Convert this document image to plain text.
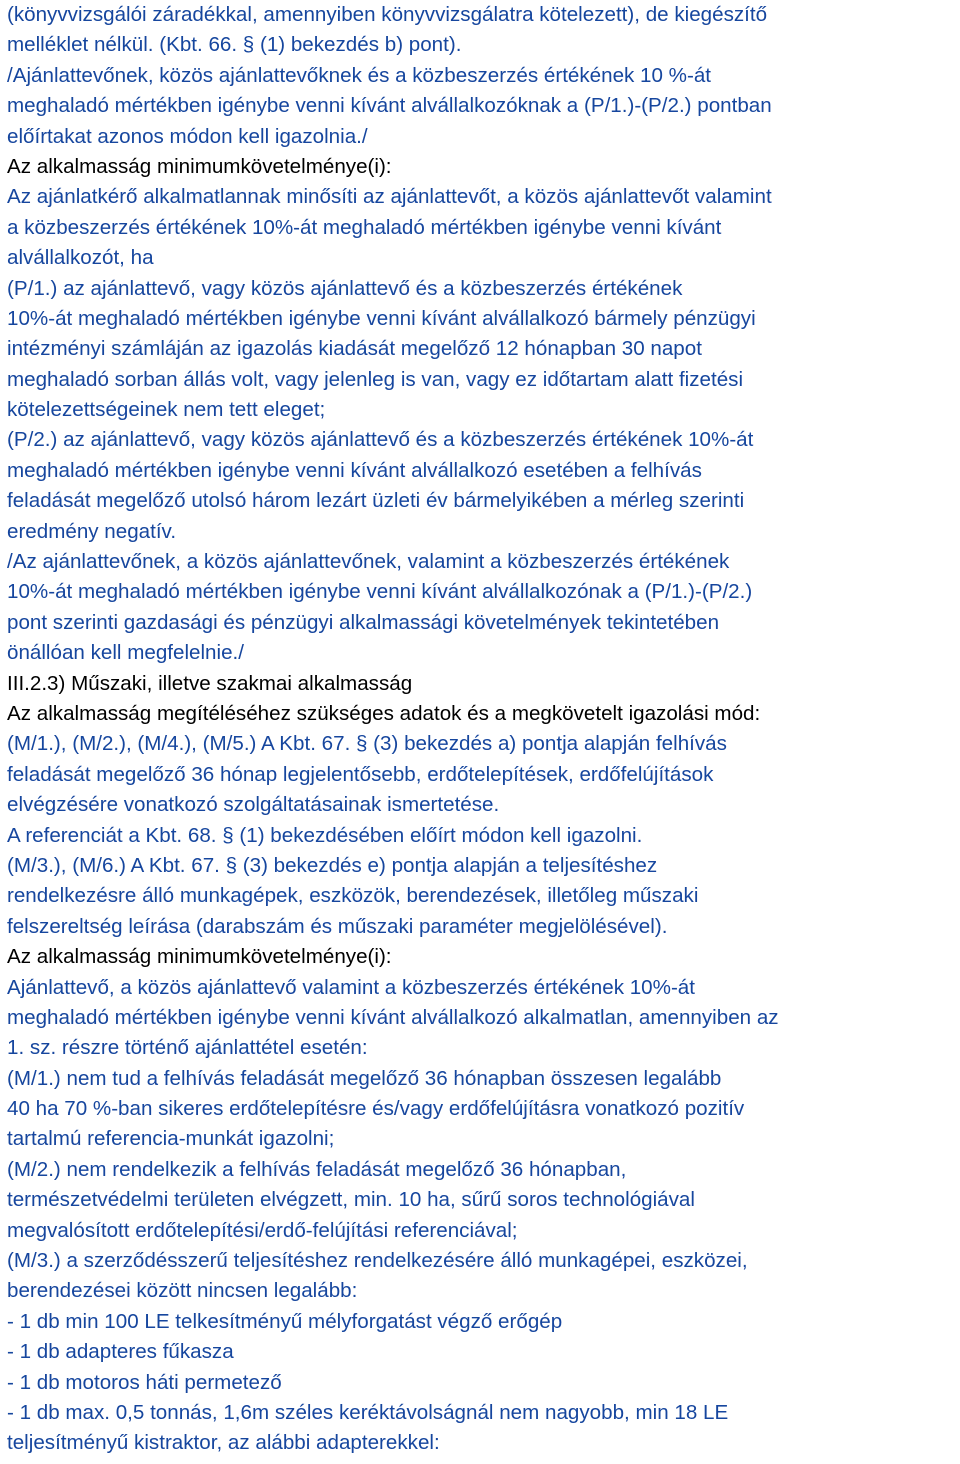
(könyvvizsgálói záradékkal, amennyiben könyvvizsgálatra kötelezett), de kiegészítő
melléklet nélkül. (Kbt. 66. § (1) bekezdés b) pont).
/Ajánlattevőnek, közös ajánlattevőknek és a közbeszerzés értékének 10 %-át
meghaladó mértékben igénybe venni kívánt alvállalkozóknak a (P/1.)-(P/2.) pontban
előírtakat azonos módon kell igazolnia./
Az alkalmasság minimumkövetelménye(i):
Az ajánlatkérő alkalmatlannak minősíti az ajánlattevőt, a közös ajánlattevőt valamint
a közbeszerzés értékének 10%-át meghaladó mértékben igénybe venni kívánt
alvállalkozót, ha
(P/1.) az ajánlattevő, vagy közös ajánlattevő és a közbeszerzés értékének
10%-át meghaladó mértékben igénybe venni kívánt alvállalkozó bármely pénzügyi
intézményi számláján az igazolás kiadását megelőző 12 hónapban 30 napot
meghaladó sorban állás volt, vagy jelenleg is van, vagy ez időtartam alatt fizetési
kötelezettségeinek nem tett eleget;
(P/2.) az ajánlattevő, vagy közös ajánlattevő és a közbeszerzés értékének 10%-át
meghaladó mértékben igénybe venni kívánt alvállalkozó esetében a felhívás
feladását megelőző utolsó három lezárt üzleti év bármelyikében a mérleg szerinti
eredmény negatív.
/Az ajánlattevőnek, a közös ajánlattevőnek, valamint a közbeszerzés értékének
10%-át meghaladó mértékben igénybe venni kívánt alvállalkozónak a (P/1.)-(P/2.)
pont szerinti gazdasági és pénzügyi alkalmassági követelmények tekintetében
önállóan kell megfelelnie./
III.2.3) Műszaki, illetve szakmai alkalmasság
Az alkalmasság megítéléséhez szükséges adatok és a megkövetelt igazolási mód:
(M/1.), (M/2.), (M/4.), (M/5.) A Kbt. 67. § (3) bekezdés a) pontja alapján felhívás
feladását megelőző 36 hónap legjelentősebb, erdőtelepítések, erdőfelújítások
elvégzésére vonatkozó szolgáltatásainak ismertetése.
A referenciát a Kbt. 68. § (1) bekezdésében előírt módon kell igazolni.
(M/3.), (M/6.) A Kbt. 67. § (3) bekezdés e) pontja alapján a teljesítéshez
rendelkezésre álló munkagépek, eszközök, berendezések, illetőleg műszaki
felszereltség leírása (darabszám és műszaki paraméter megjelölésével).
Az alkalmasság minimumkövetelménye(i):
Ajánlattevő, a közös ajánlattevő valamint a közbeszerzés értékének 10%-át
meghaladó mértékben igénybe venni kívánt alvállalkozó alkalmatlan, amennyiben az
1. sz. részre történő ajánlattétel esetén:
(M/1.) nem tud a felhívás feladását megelőző 36 hónapban összesen legalább
40 ha 70 %-ban sikeres erdőtelepítésre és/vagy erdőfelújításra vonatkozó pozitív
tartalmú referencia-munkát igazolni;
(M/2.) nem rendelkezik a felhívás feladását megelőző 36 hónapban,
természetvédelmi területen elvégzett, min. 10 ha, sűrű soros technológiával
megvalósított erdőtelepítési/erdő-felújítási referenciával;
(M/3.) a szerződésszerű teljesítéshez rendelkezésére álló munkagépei, eszközei,
berendezései között nincsen legalább:
- 1 db min 100 LE telkesítményű mélyforgatást végző erőgép
- 1 db adapteres fűkasza
- 1 db motoros háti permetező
- 1 db max. 0,5 tonnás, 1,6m széles keréktávolságnál nem nagyobb, min 18 LE
teljesítményű kistraktor, az alábbi adapterekkel:
